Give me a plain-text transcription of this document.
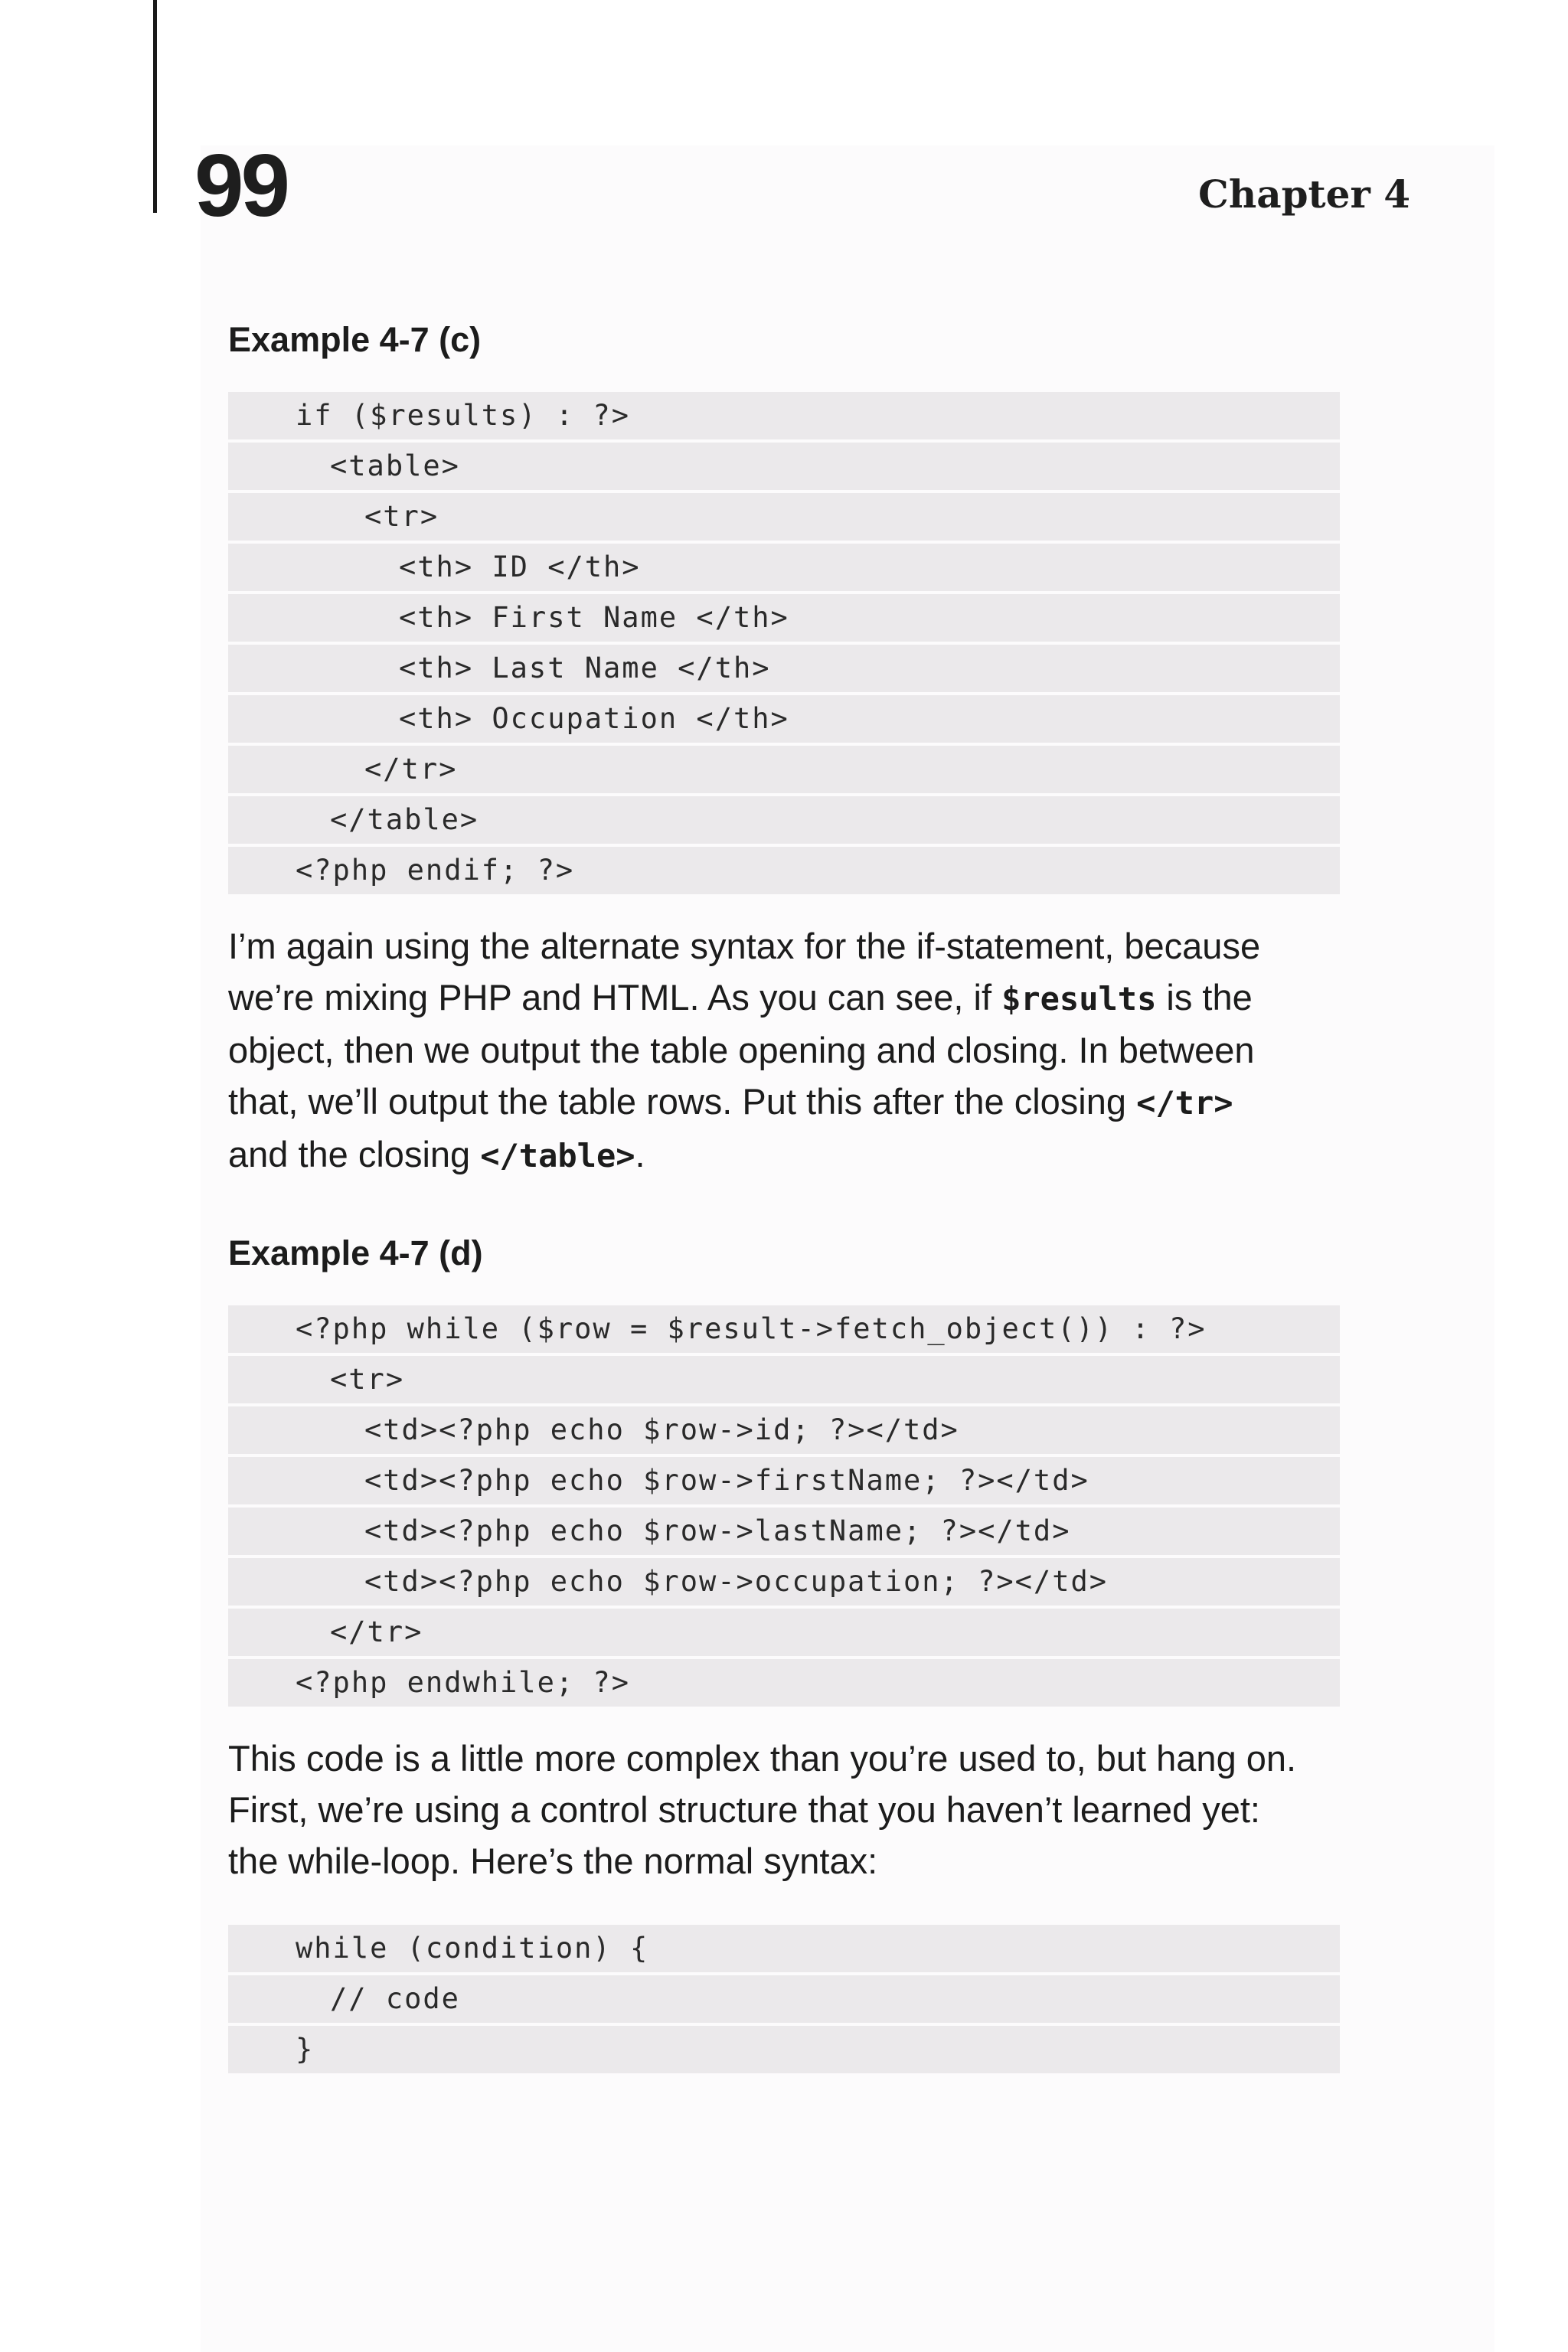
99	Chapter 4
Example 4-7 (c)
if ($results) : ?>
<table>
<tr>
<th> ID </th>
<th> First Name </th>
<th> Last Name </th>
<th> Occupation </th>
</tr>
</table>
<?php endif; ?>
I’m again using the alternate syntax for the if-statement, because
we’re mixing PHP and HTML. As you can see, if $results is the
object, then we output the table opening and closing. In between
that, we’ll output the table rows. Put this after the closing </tr>
and the closing </table>.
Example 4-7 (d)
<?php while ($row = $result->fetch_object()) : ?>
<tr>
<td><?php echo $row->id; ?></td>
<td><?php echo $row->firstName; ?></td>
<td><?php echo $row->lastName; ?></td>
<td><?php echo $row->occupation; ?></td>
</tr>
<?php endwhile; ?>
This code is a little more complex than you’re used to, but hang on.
First, we’re using a control structure that you haven’t learned yet:
the while-loop. Here’s the normal syntax:
while (condition) {
// code
}
